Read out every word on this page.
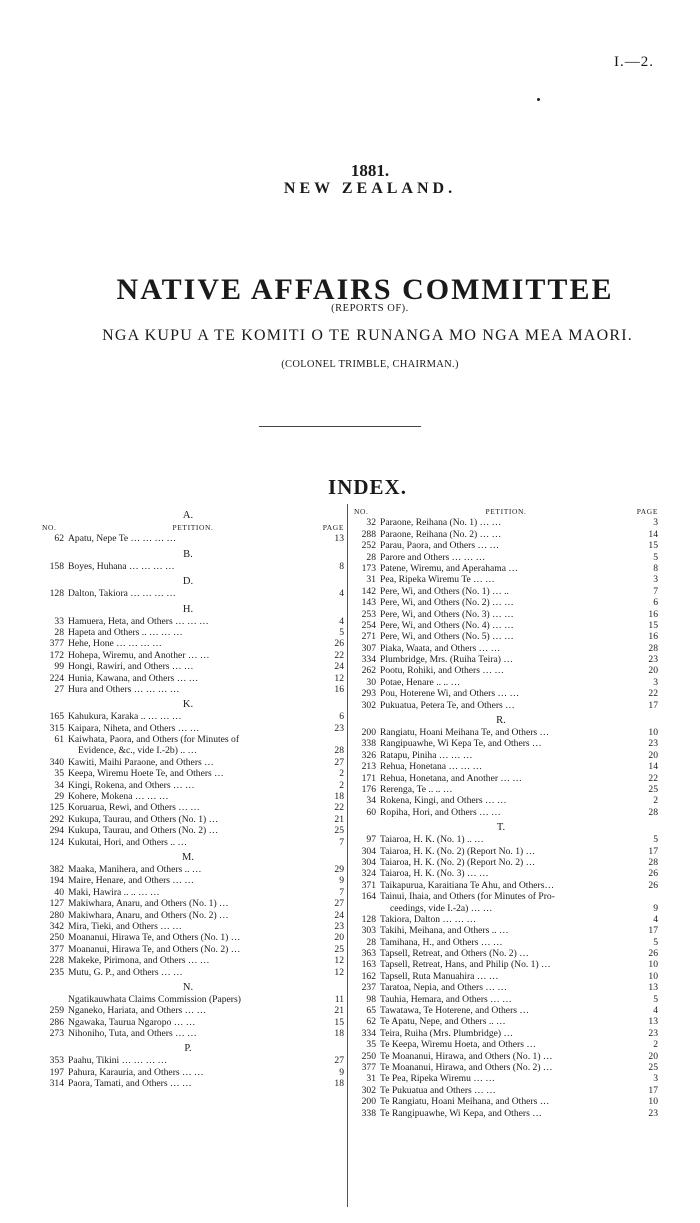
I.—2.
1881.
NEW ZEALAND.
NATIVE AFFAIRS COMMITTEE
(REPORTS OF).
NGA KUPU A TE KOMITI O TE RUNANGA MO NGA MEA MAORI.
(COLONEL TRIMBLE, CHAIRMAN.)
INDEX.
A.
NO.	PETITION.	PAGE
62 Apatu, Nepe Te … … … …	13
B.
158 Boyes, Huhana … … … …	8
D.
128 Dalton, Takiora … … … …	4
H.
33 Hamuera, Heta, and Others … … …	4
28 Hapeta and Others .. … … …	5
377 Hehe, Hone … … … …	26
172 Hohepa, Wiremu, and Another … …	22
99 Hongi, Rawiri, and Others … …	24
224 Hunia, Kawana, and Others … …	12
27 Hura and Others … … … …	16
K.
165 Kahukura, Karaka .. … … …	6
315 Kaipara, Niheta, and Others … …	23
61 Kaiwhata, Paora, and Others (for Minutes of
Evidence, &c., vide I.-2b) .. …	28
340 Kawiti, Maihi Paraone, and Others …	27
35 Keepa, Wiremu Hoete Te, and Others …	2
34 Kingi, Rokena, and Others … …	2
29 Kohere, Mokena … … …	18
125 Koruarua, Rewi, and Others … …	22
292 Kukupa, Taurau, and Others (No. 1) …	21
294 Kukupa, Taurau, and Others (No. 2) …	25
124 Kukutai, Hori, and Others .. …	7
M.
382 Maaka, Manihera, and Others .. …	29
194 Maire, Henare, and Others … …	9
40 Maki, Hawira .. .. … …	7
127 Makiwhara, Anaru, and Others (No. 1) …	27
280 Makiwhara, Anaru, and Others (No. 2) …	24
342 Mira, Tieki, and Others … …	23
250 Moananui, Hirawa Te, and Others (No. 1) …	20
377 Moananui, Hirawa Te, and Others (No. 2) …	25
228 Makeke, Pirimona, and Others … …	12
235 Mutu, G. P., and Others … …	12
N.
Ngatikauwhata Claims Commission (Papers)	11
259 Nganeko, Hariata, and Others … …	21
286 Ngawaka, Taurua Ngaropo … …	15
273 Nihoniho, Tuta, and Others … …	18
P.
353 Paahu, Tikini … … … …	27
197 Pahura, Karauria, and Others … …	9
314 Paora, Tamati, and Others … …	18
NO.	PETITION.	PAGE
32 Paraone, Reihana (No. 1) … …	3
288 Paraone, Reihana (No. 2) … …	14
252 Parau, Paora, and Others … …	15
28 Parore and Others … … …	5
173 Patene, Wiremu, and Aperahama …	8
31 Pea, Ripeka Wiremu Te … …	3
142 Pere, Wi, and Others (No. 1) … ..	7
143 Pere, Wi, and Others (No. 2) … …	6
253 Pere, Wi, and Others (No. 3) … …	16
254 Pere, Wi, and Others (No. 4) … …	15
271 Pere, Wi, and Others (No. 5) … …	16
307 Piaka, Waata, and Others … …	28
334 Plumbridge, Mrs. (Ruiha Teira) …	23
262 Pootu, Rohiki, and Others … …	20
30 Potae, Henare .. .. …	3
293 Pou, Hoterene Wi, and Others … …	22
302 Pukuatua, Petera Te, and Others …	17
R.
200 Rangiatu, Hoani Meihana Te, and Others …	10
338 Rangipuawhe, Wi Kepa Te, and Others …	23
326 Ratapu, Piniha … … …	20
213 Rehua, Honetana … … …	14
171 Rehua, Honetana, and Another … …	22
176 Rerenga, Te .. .. …	25
34 Rokena, Kingi, and Others … …	2
60 Ropiha, Hori, and Others … …	28
T.
97 Taiaroa, H. K. (No. 1) .. …	5
304 Taiaroa, H. K. (No. 2) (Report No. 1) …	17
304 Taiaroa, H. K. (No. 2) (Report No. 2) …	28
324 Taiaroa, H. K. (No. 3) … …	26
371 Taikapurua, Karaitiana Te Ahu, and Others…	26
164 Tainui, Ihaia, and Others (for Minutes of Pro-
ceedings, vide I.-2a) … …	9
128 Takiora, Dalton … … …	4
303 Takihi, Meihana, and Others .. …	17
28 Tamihana, H., and Others … …	5
363 Tapsell, Retreat, and Others (No. 2) …	26
163 Tapsell, Retreat, Hans, and Philip (No. 1) …	10
162 Tapsell, Ruta Manuahira … …	10
237 Taratoa, Nepia, and Others … …	13
98 Tauhia, Hemara, and Others … …	5
65 Tawatawa, Te Hoterene, and Others …	4
62 Te Apatu, Nepe, and Others .. …	13
334 Teira, Ruiha (Mrs. Plumbridge) …	23
35 Te Keepa, Wiremu Hoeta, and Others …	2
250 Te Moananui, Hirawa, and Others (No. 1) …	20
377 Te Moananui, Hirawa, and Others (No. 2) …	25
31 Te Pea, Ripeka Wiremu … …	3
302 Te Pukuatua and Others … …	17
200 Te Rangiatu, Hoani Meihana, and Others …	10
338 Te Rangipuawhe, Wi Kepa, and Others …	23
